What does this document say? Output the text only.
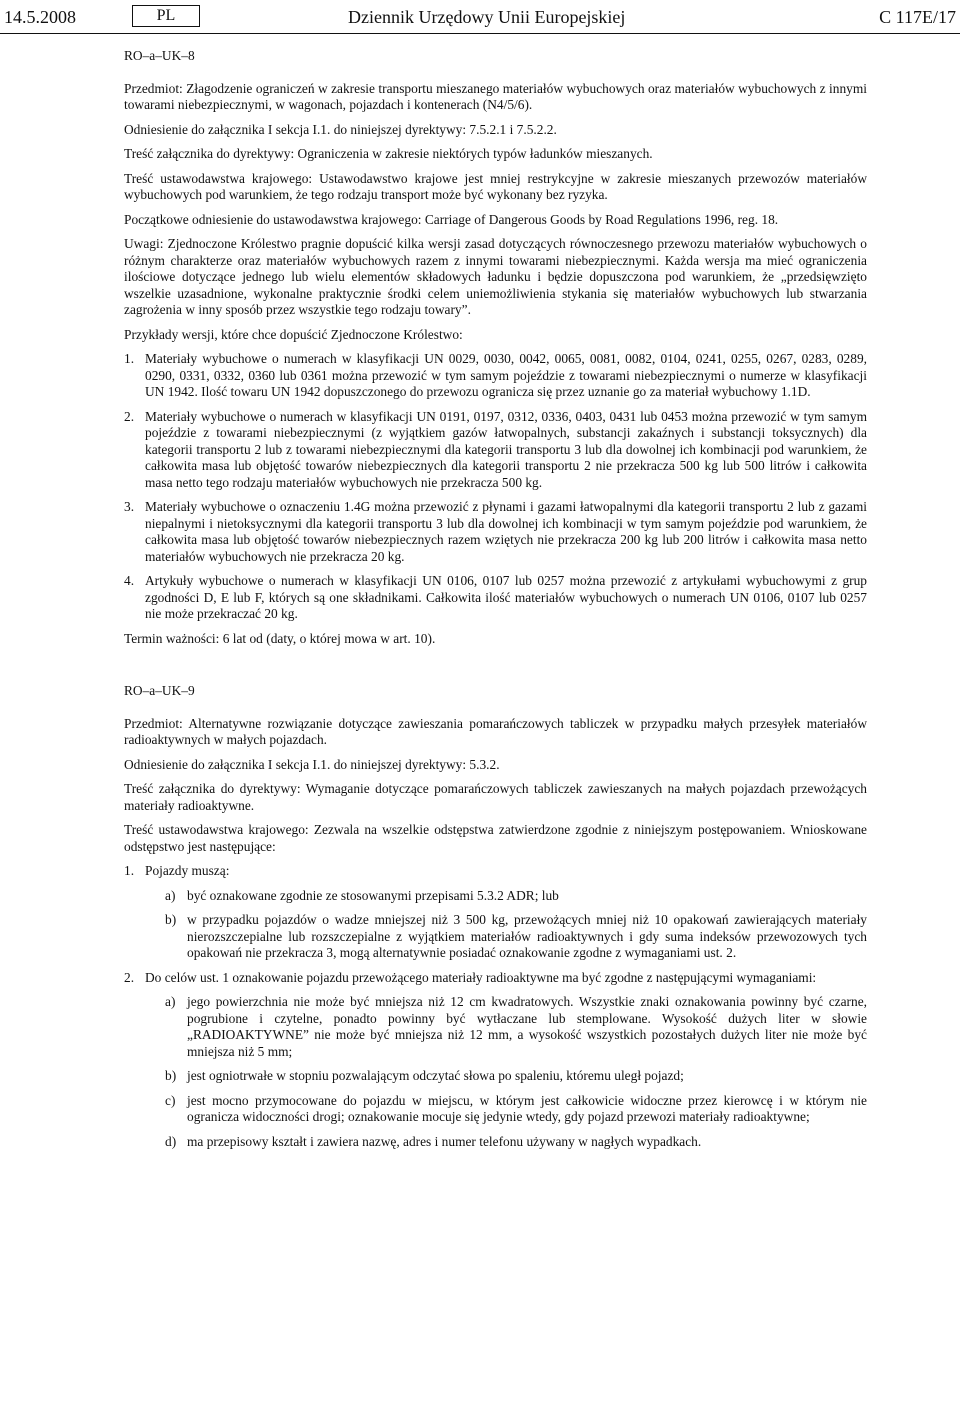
14.5.2008	PL	Dziennik Urzędowy Unii Europejskiej	C 117E/17

RO–a–UK–8

Przedmiot: Złagodzenie ograniczeń w zakresie transportu mieszanego materiałów wybuchowych oraz materiałów wybuchowych z innymi towarami niebezpiecznymi, w wagonach, pojazdach i kontenerach (N4/5/6).

Odniesienie do załącznika I sekcja I.1. do niniejszej dyrektywy: 7.5.2.1 i 7.5.2.2.

Treść załącznika do dyrektywy: Ograniczenia w zakresie niektórych typów ładunków mieszanych.

Treść ustawodawstwa krajowego: Ustawodawstwo krajowe jest mniej restrykcyjne w zakresie mieszanych przewozów materiałów wybuchowych pod warunkiem, że tego rodzaju transport może być wykonany bez ryzyka.

Początkowe odniesienie do ustawodawstwa krajowego: Carriage of Dangerous Goods by Road Regulations 1996, reg. 18.

Uwagi: Zjednoczone Królestwo pragnie dopuścić kilka wersji zasad dotyczących równoczesnego przewozu materiałów wybuchowych o różnym charakterze oraz materiałów wybuchowych razem z innymi towarami niebezpiecznymi. Każda wersja ma mieć ograniczenia ilościowe dotyczące jednego lub wielu elementów składowych ładunku i będzie dopuszczona pod warunkiem, że „przedsięwzięto wszelkie uzasadnione, wykonalne praktycznie środki celem uniemożliwienia stykania się materiałów wybuchowych lub stwarzania zagrożenia w inny sposób przez wszystkie tego rodzaju towary”.

Przykłady wersji, które chce dopuścić Zjednoczone Królestwo:

1. Materiały wybuchowe o numerach w klasyfikacji UN 0029, 0030, 0042, 0065, 0081, 0082, 0104, 0241, 0255, 0267, 0283, 0289, 0290, 0331, 0332, 0360 lub 0361 można przewozić w tym samym pojeździe z towarami niebezpiecznymi o numerze w klasyfikacji UN 1942. Ilość towaru UN 1942 dopuszczonego do przewozu ogranicza się przez uznanie go za materiał wybuchowy 1.1D.
2. Materiały wybuchowe o numerach w klasyfikacji UN 0191, 0197, 0312, 0336, 0403, 0431 lub 0453 można przewozić w tym samym pojeździe z towarami niebezpiecznymi (z wyjątkiem gazów łatwopalnych, substancji zakaźnych i substancji toksycznych) dla kategorii transportu 2 lub z towarami niebezpiecznymi dla kategorii transportu 3 lub dla dowolnej ich kombinacji pod warunkiem, że całkowita masa lub objętość towarów niebezpiecznych dla kategorii transportu 2 nie przekracza 500 kg lub 500 litrów i całkowita masa netto tego rodzaju materiałów wybuchowych nie przekracza 500 kg.
3. Materiały wybuchowe o oznaczeniu 1.4G można przewozić z płynami i gazami łatwopalnymi dla kategorii transportu 2 lub z gazami niepalnymi i nietoksycznymi dla kategorii transportu 3 lub dla dowolnej ich kombinacji w tym samym pojeździe pod warunkiem, że całkowita masa lub objętość towarów niebezpiecznych razem wziętych nie przekracza 200 kg lub 200 litrów i całkowita masa netto materiałów wybuchowych nie przekracza 20 kg.
4. Artykuły wybuchowe o numerach w klasyfikacji UN 0106, 0107 lub 0257 można przewozić z artykułami wybuchowymi z grup zgodności D, E lub F, których są one składnikami. Całkowita ilość materiałów wybuchowych o numerach UN 0106, 0107 lub 0257 nie może przekraczać 20 kg.

Termin ważności: 6 lat od (daty, o której mowa w art. 10).

RO–a–UK–9

Przedmiot: Alternatywne rozwiązanie dotyczące zawieszania pomarańczowych tabliczek w przypadku małych przesyłek materiałów radioaktywnych w małych pojazdach.

Odniesienie do załącznika I sekcja I.1. do niniejszej dyrektywy: 5.3.2.

Treść załącznika do dyrektywy: Wymaganie dotyczące pomarańczowych tabliczek zawieszanych na małych pojazdach przewożących materiały radioaktywne.

Treść ustawodawstwa krajowego: Zezwala na wszelkie odstępstwa zatwierdzone zgodnie z niniejszym postępowaniem. Wnioskowane odstępstwo jest następujące:

1. Pojazdy muszą:
a) być oznakowane zgodnie ze stosowanymi przepisami 5.3.2 ADR; lub
b) w przypadku pojazdów o wadze mniejszej niż 3 500 kg, przewożących mniej niż 10 opakowań zawierających materiały nierozszczepialne lub rozszczepialne z wyjątkiem materiałów radioaktywnych i gdy suma indeksów przewozowych tych opakowań nie przekracza 3, mogą alternatywnie posiadać oznakowanie zgodne z wymaganiami ust. 2.
2. Do celów ust. 1 oznakowanie pojazdu przewożącego materiały radioaktywne ma być zgodne z następującymi wymaganiami:
a) jego powierzchnia nie może być mniejsza niż 12 cm kwadratowych. Wszystkie znaki oznakowania powinny być czarne, pogrubione i czytelne, ponadto powinny być wytłaczane lub stemplowane. Wysokość dużych liter w słowie „RADIOAKTYWNE” nie może być mniejsza niż 12 mm, a wysokość wszystkich pozostałych dużych liter nie może być mniejsza niż 5 mm;
b) jest ogniotrwałe w stopniu pozwalającym odczytać słowa po spaleniu, któremu uległ pojazd;
c) jest mocno przymocowane do pojazdu w miejscu, w którym jest całkowicie widoczne przez kierowcę i w którym nie ogranicza widoczności drogi; oznakowanie mocuje się jedynie wtedy, gdy pojazd przewozi materiały radioaktywne;
d) ma przepisowy kształt i zawiera nazwę, adres i numer telefonu używany w nagłych wypadkach.
